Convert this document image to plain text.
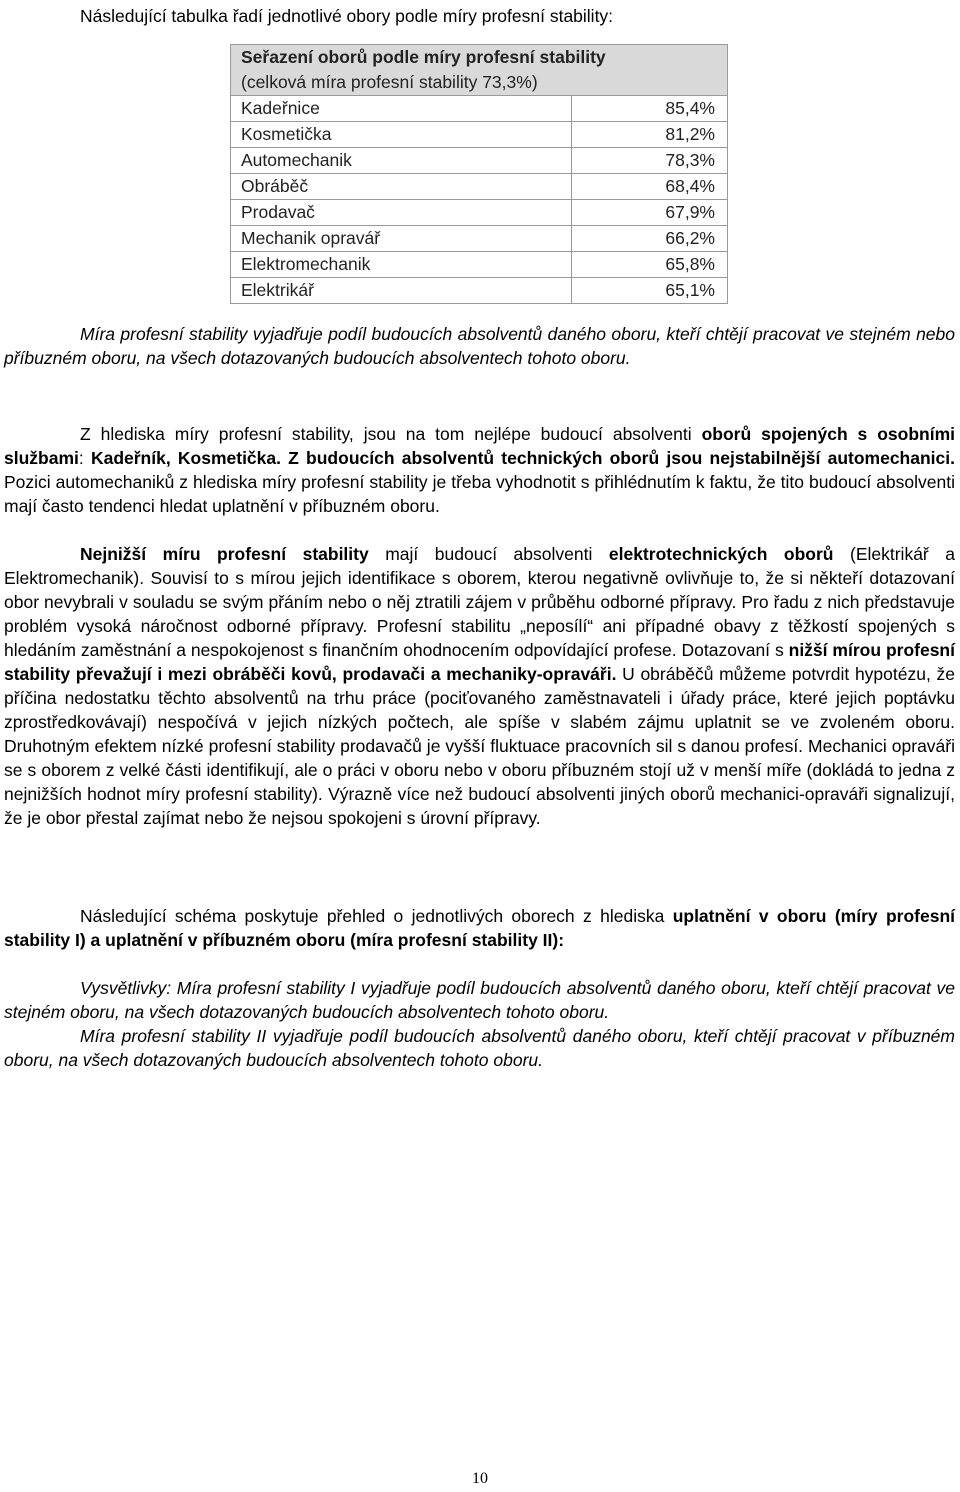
Následující tabulka řadí jednotlivé obory podle míry profesní stability:

Seřazení oborů podle míry profesní stability	
(celková míra profesní stability 73,3%)	
Kadeřnice	85,4%
Kosmetička	81,2%
Automechanik	78,3%
Obráběč	68,4%
Prodavač	67,9%
Mechanik opravář	66,2%
Elektromechanik	65,8%
Elektrikář	65,1%

Míra profesní stability vyjadřuje podíl budoucích absolventů daného oboru, kteří chtějí pracovat ve stejném nebo příbuzném oboru, na všech dotazovaných budoucích absolventech tohoto oboru.

Z hlediska míry profesní stability, jsou na tom nejlépe budoucí absolventi oborů spojených s osobními službami: Kadeřník, Kosmetička. Z budoucích absolventů technických oborů jsou nejstabilnější automechanici. Pozici automechaniků z hlediska míry profesní stability je třeba vyhodnotit s přihlédnutím k faktu, že tito budoucí absolventi mají často tendenci hledat uplatnění v příbuzném oboru.

Nejnižší míru profesní stability mají budoucí absolventi elektrotechnických oborů (Elektrikář a Elektromechanik). Souvisí to s mírou jejich identifikace s oborem, kterou negativně ovlivňuje to, že si někteří dotazovaní obor nevybrali v souladu se svým přáním nebo o něj ztratili zájem v průběhu odborné přípravy. Pro řadu z nich představuje problém vysoká náročnost odborné přípravy. Profesní stabilitu „neposílí“ ani případné obavy z těžkostí spojených s hledáním zaměstnání a nespokojenost s finančním ohodnocením odpovídající profese. Dotazovaní s nižší mírou profesní stability převažují i mezi obráběči kovů, prodavači a mechaniky-opraváři. U obráběčů můžeme potvrdit hypotézu, že příčina nedostatku těchto absolventů na trhu práce (pociťovaného zaměstnavateli i úřady práce, které jejich poptávku zprostředkovávají) nespočívá v jejich nízkých počtech, ale spíše v slabém zájmu uplatnit se ve zvoleném oboru. Druhotným efektem nízké profesní stability prodavačů je vyšší fluktuace pracovních sil s danou profesí. Mechanici opraváři se s oborem z velké části identifikují, ale o práci v oboru nebo v oboru příbuzném stojí už v menší míře (dokládá to jedna z nejnižších hodnot míry profesní stability). Výrazně více než budoucí absolventi jiných oborů mechanici-opraváři signalizují, že je obor přestal zajímat nebo že nejsou spokojeni s úrovní přípravy.

Následující schéma poskytuje přehled o jednotlivých oborech z hlediska uplatnění v oboru (míry profesní stability I) a uplatnění v příbuzném oboru (míra profesní stability II):

Vysvětlivky: Míra profesní stability I vyjadřuje podíl budoucích absolventů daného oboru, kteří chtějí pracovat ve stejném oboru, na všech dotazovaných budoucích absolventech tohoto oboru.

Míra profesní stability II vyjadřuje podíl budoucích absolventů daného oboru, kteří chtějí pracovat v příbuzném oboru, na všech dotazovaných budoucích absolventech tohoto oboru.

10
